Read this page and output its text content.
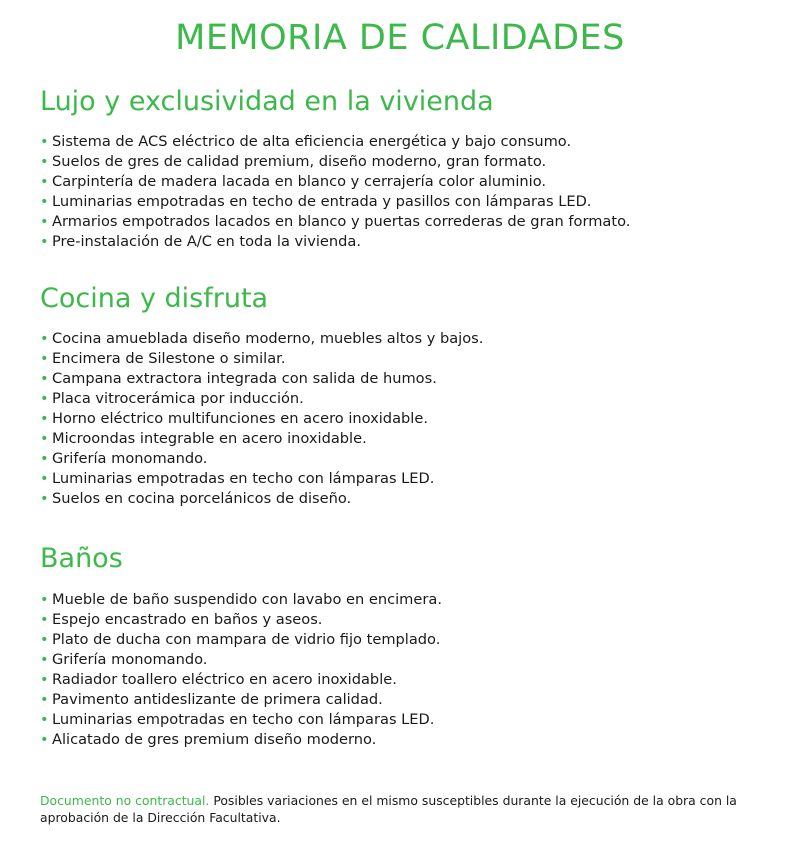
MEMORIA DE CALIDADES
Lujo y exclusividad en la vivienda
• Sistema de ACS eléctrico de alta eficiencia energética y bajo consumo.
• Suelos de gres de calidad premium, diseño moderno, gran formato.
• Carpintería de madera lacada en blanco y cerrajería color aluminio.
• Luminarias empotradas en techo de entrada y pasillos con lámparas LED.
• Armarios empotrados lacados en blanco y puertas correderas de gran formato.
• Pre-instalación de A/C en toda la vivienda.
Cocina y disfruta
• Cocina amueblada diseño moderno, muebles altos y bajos.
• Encimera de Silestone o similar.
• Campana extractora integrada con salida de humos.
• Placa vitrocerámica por inducción.
• Horno eléctrico multifunciones en acero inoxidable.
• Microondas integrable en acero inoxidable.
• Grifería monomando.
• Luminarias empotradas en techo con lámparas LED.
• Suelos en cocina porcelánicos de diseño.
Baños
• Mueble de baño suspendido con lavabo en encimera.
• Espejo encastrado en baños y aseos.
• Plato de ducha con mampara de vidrio fijo templado.
• Grifería monomando.
• Radiador toallero eléctrico en acero inoxidable.
• Pavimento antideslizante de primera calidad.
• Luminarias empotradas en techo con lámparas LED.
• Alicatado de gres premium diseño moderno.
Documento no contractual. Posibles variaciones en el mismo susceptibles durante la ejecución de la obra con la aprobación de la Dirección Facultativa.
